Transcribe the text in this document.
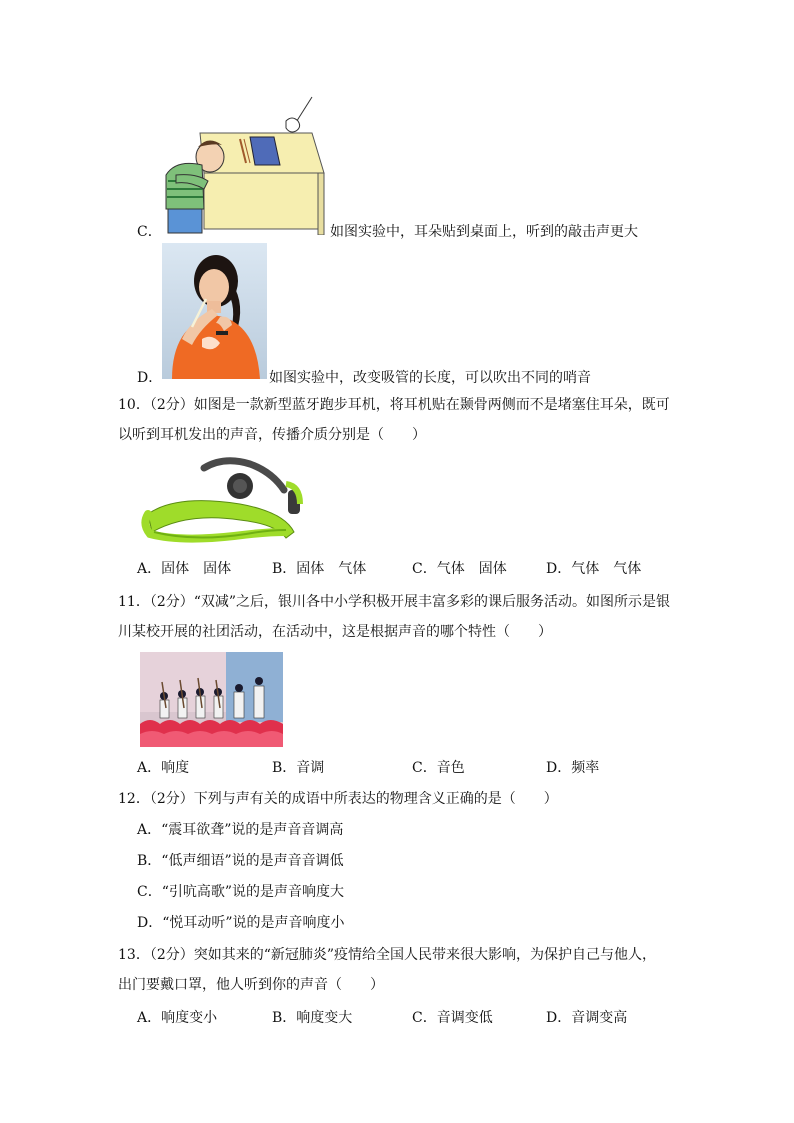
C．	如图实验中，耳朵贴到桌面上，听到的敲击声更大
D．	如图实验中，改变吸管的长度，可以吹出不同的哨音
10．（2分）如图是一款新型蓝牙跑步耳机，将耳机贴在颞骨两侧而不是堵塞住耳朵，既可
以听到耳机发出的声音，传播介质分别是（　　）
A．固体　固体	B．固体　气体	C．气体　固体	D．气体　气体
11．（2分）“双减”之后，银川各中小学积极开展丰富多彩的课后服务活动。如图所示是银
川某校开展的社团活动，在活动中，这是根据声音的哪个特性（　　）
A．响度	B．音调	C．音色	D．频率
12．（2分）下列与声有关的成语中所表达的物理含义正确的是（　　）
A．“震耳欲聋”说的是声音音调高
B．“低声细语”说的是声音音调低
C．“引吭高歌”说的是声音响度大
D．“悦耳动听”说的是声音响度小
13．（2分）突如其来的“新冠肺炎”疫情给全国人民带来很大影响，为保护自己与他人，
出门要戴口罩，他人听到你的声音（　　）
A．响度变小	B．响度变大	C．音调变低	D．音调变高
